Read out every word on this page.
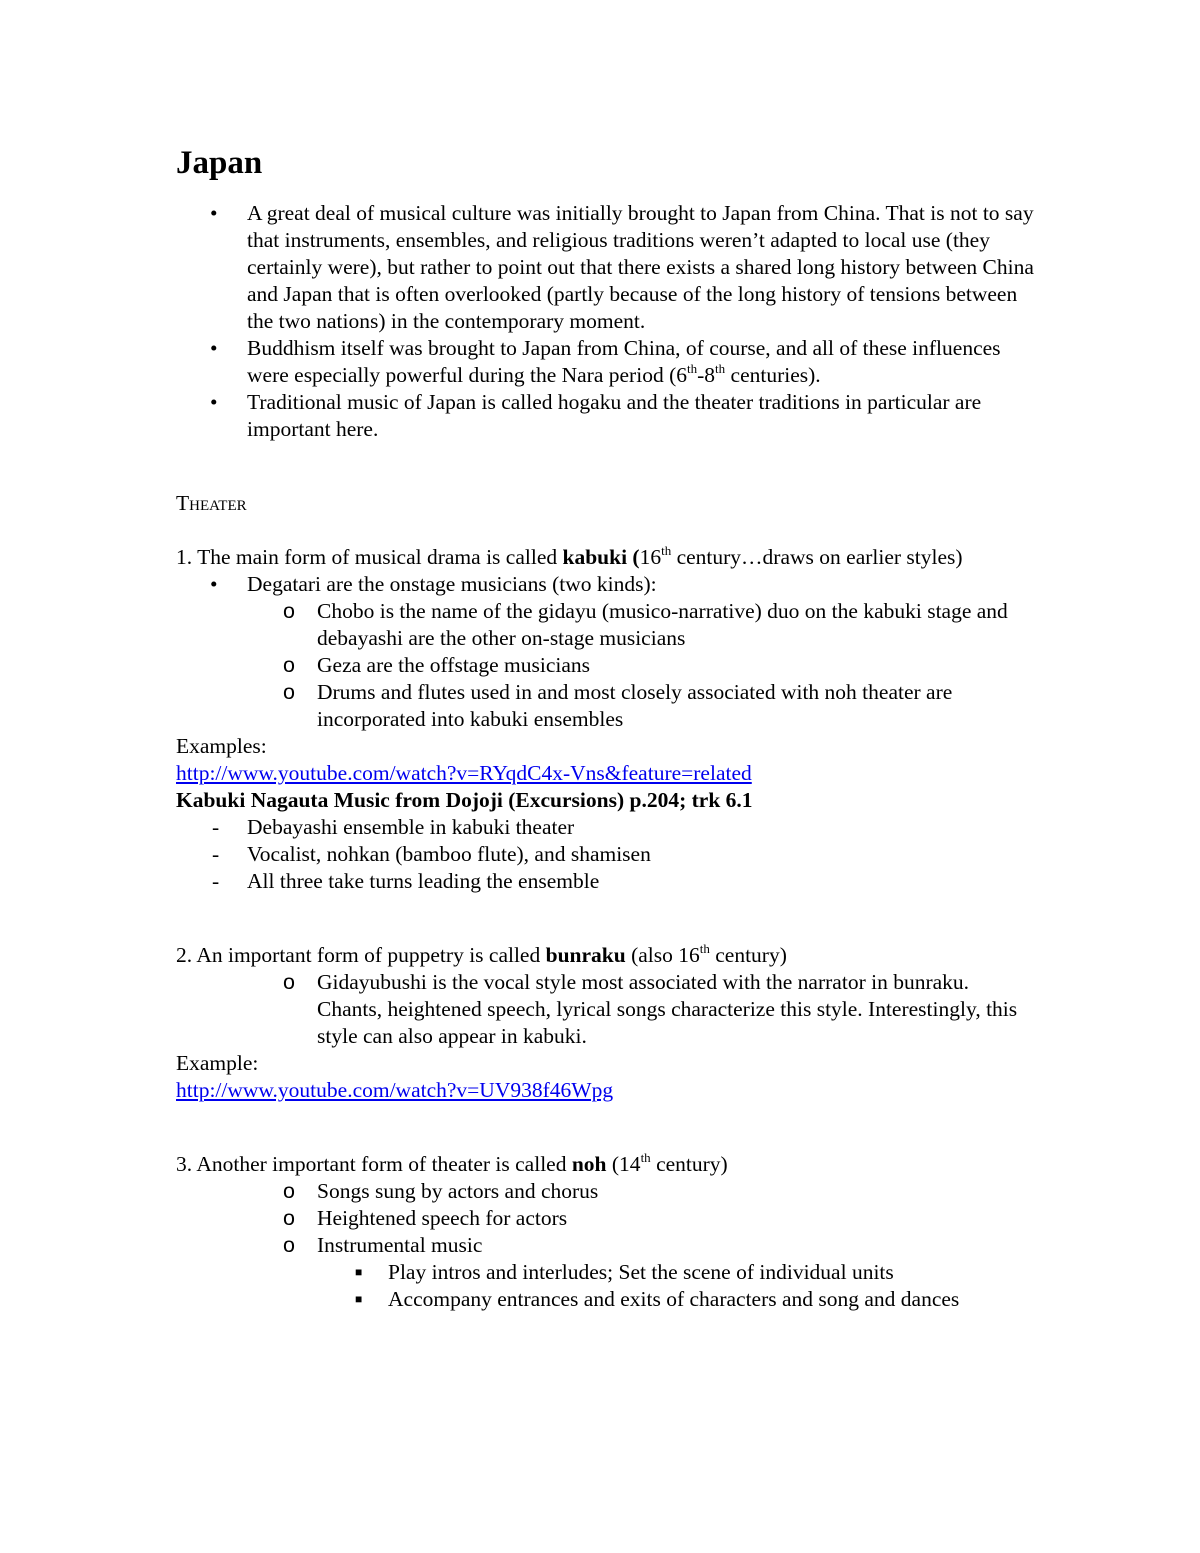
Japan
• A great deal of musical culture was initially brought to Japan from China. That is not to say that instruments, ensembles, and religious traditions weren’t adapted to local use (they certainly were), but rather to point out that there exists a shared long history between China and Japan that is often overlooked (partly because of the long history of tensions between the two nations) in the contemporary moment.
• Buddhism itself was brought to Japan from China, of course, and all of these influences were especially powerful during the Nara period (6th-8th centuries).
• Traditional music of Japan is called hogaku and the theater traditions in particular are important here.
Theater
1. The main form of musical drama is called kabuki (16th century…draws on earlier styles)
• Degatari are the onstage musicians (two kinds):
o Chobo is the name of the gidayu (musico-narrative) duo on the kabuki stage and debayashi are the other on-stage musicians
o Geza are the offstage musicians
o Drums and flutes used in and most closely associated with noh theater are incorporated into kabuki ensembles
Examples:
http://www.youtube.com/watch?v=RYqdC4x-Vns&feature=related
Kabuki Nagauta Music from Dojoji (Excursions) p.204; trk 6.1
- Debayashi ensemble in kabuki theater
- Vocalist, nohkan (bamboo flute), and shamisen
- All three take turns leading the ensemble
2. An important form of puppetry is called bunraku (also 16th century)
o Gidayubushi is the vocal style most associated with the narrator in bunraku. Chants, heightened speech, lyrical songs characterize this style. Interestingly, this style can also appear in kabuki.
Example:
http://www.youtube.com/watch?v=UV938f46Wpg
3. Another important form of theater is called noh (14th century)
o Songs sung by actors and chorus
o Heightened speech for actors
o Instrumental music
■ Play intros and interludes; Set the scene of individual units
■ Accompany entrances and exits of characters and song and dances
